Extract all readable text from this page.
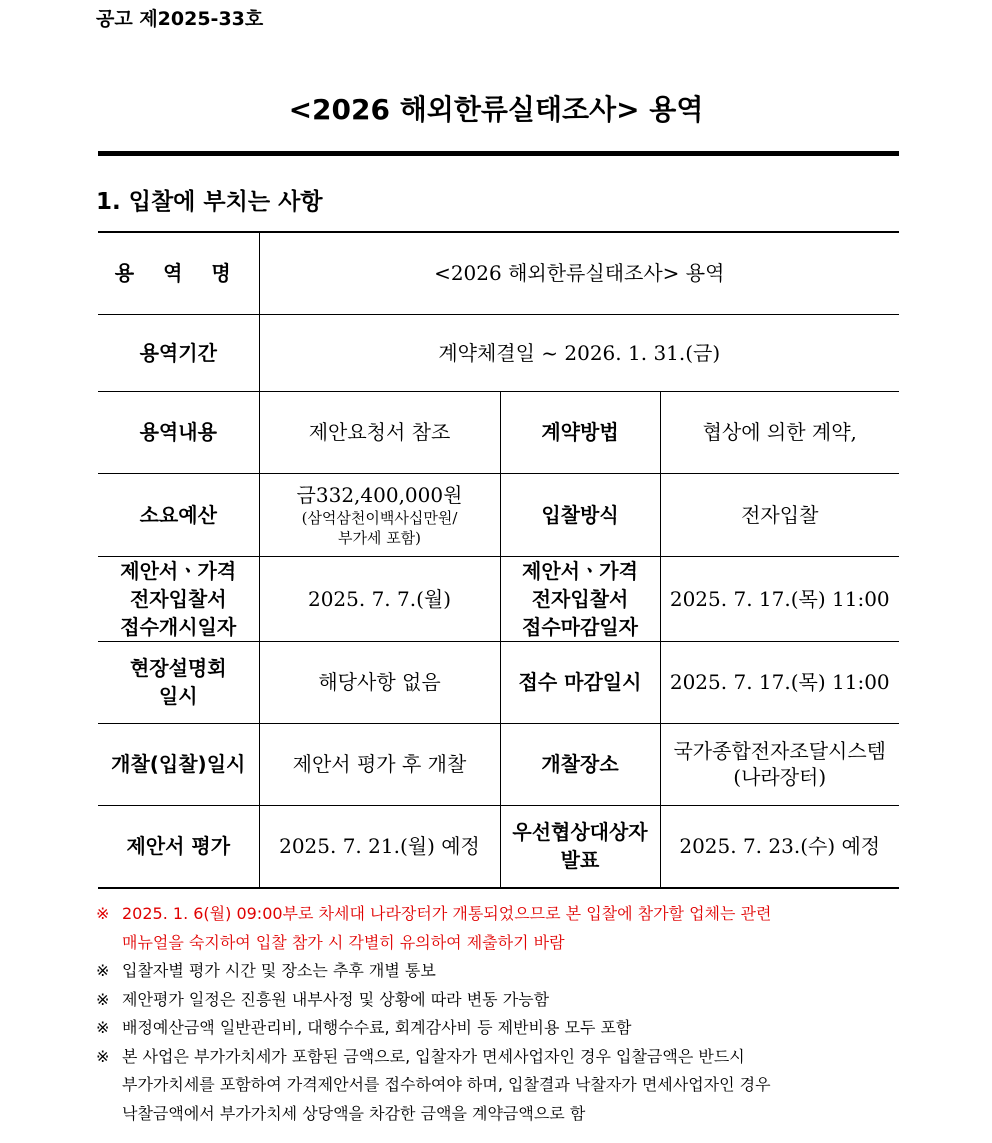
공고 제2025-33호
<2026 해외한류실태조사> 용역
1. 입찰에 부치는 사항
용 역 명	<2026 해외한류실태조사> 용역		
용역기간	계약체결일 ~ 2026. 1. 31.(금)		
용역내용	제안요청서 참조	계약방법	협상에 의한 계약,
소요예산	금332,400,000원
(삼억삼천이백사십만원/
부가세 포함)	입찰방식	전자입찰

제안서ㆍ가격
전자입찰서
접수개시일자	2025. 7. 7.(월)	제안서ㆍ가격
전자입찰서
접수마감일자	2025. 7. 17.(목) 11:00

현장설명회
일시	해당사항 없음	접수 마감일시	2025. 7. 17.(목) 11:00
개찰(입찰)일시	제안서 평가 후 개찰	개찰장소	국가종합전자조달시스템
(나라장터)

제안서 평가	2025. 7. 21.(월) 예정	우선협상대상자
발표	2025. 7. 23.(수) 예정
※ 2025. 1. 6(월) 09:00부로 차세대 나라장터가 개통되었으므로 본 입찰에 참가할 업체는 관련
매뉴얼을 숙지하여 입찰 참가 시 각별히 유의하여 제출하기 바람
※ 입찰자별 평가 시간 및 장소는 추후 개별 통보
※ 제안평가 일정은 진흥원 내부사정 및 상황에 따라 변동 가능함
※ 배정예산금액 일반관리비, 대행수수료, 회계감사비 등 제반비용 모두 포함
※ 본 사업은 부가가치세가 포함된 금액으로, 입찰자가 면세사업자인 경우 입찰금액은 반드시
부가가치세를 포함하여 가격제안서를 접수하여야 하며, 입찰결과 낙찰자가 면세사업자인 경우
낙찰금액에서 부가가치세 상당액을 차감한 금액을 계약금액으로 함
